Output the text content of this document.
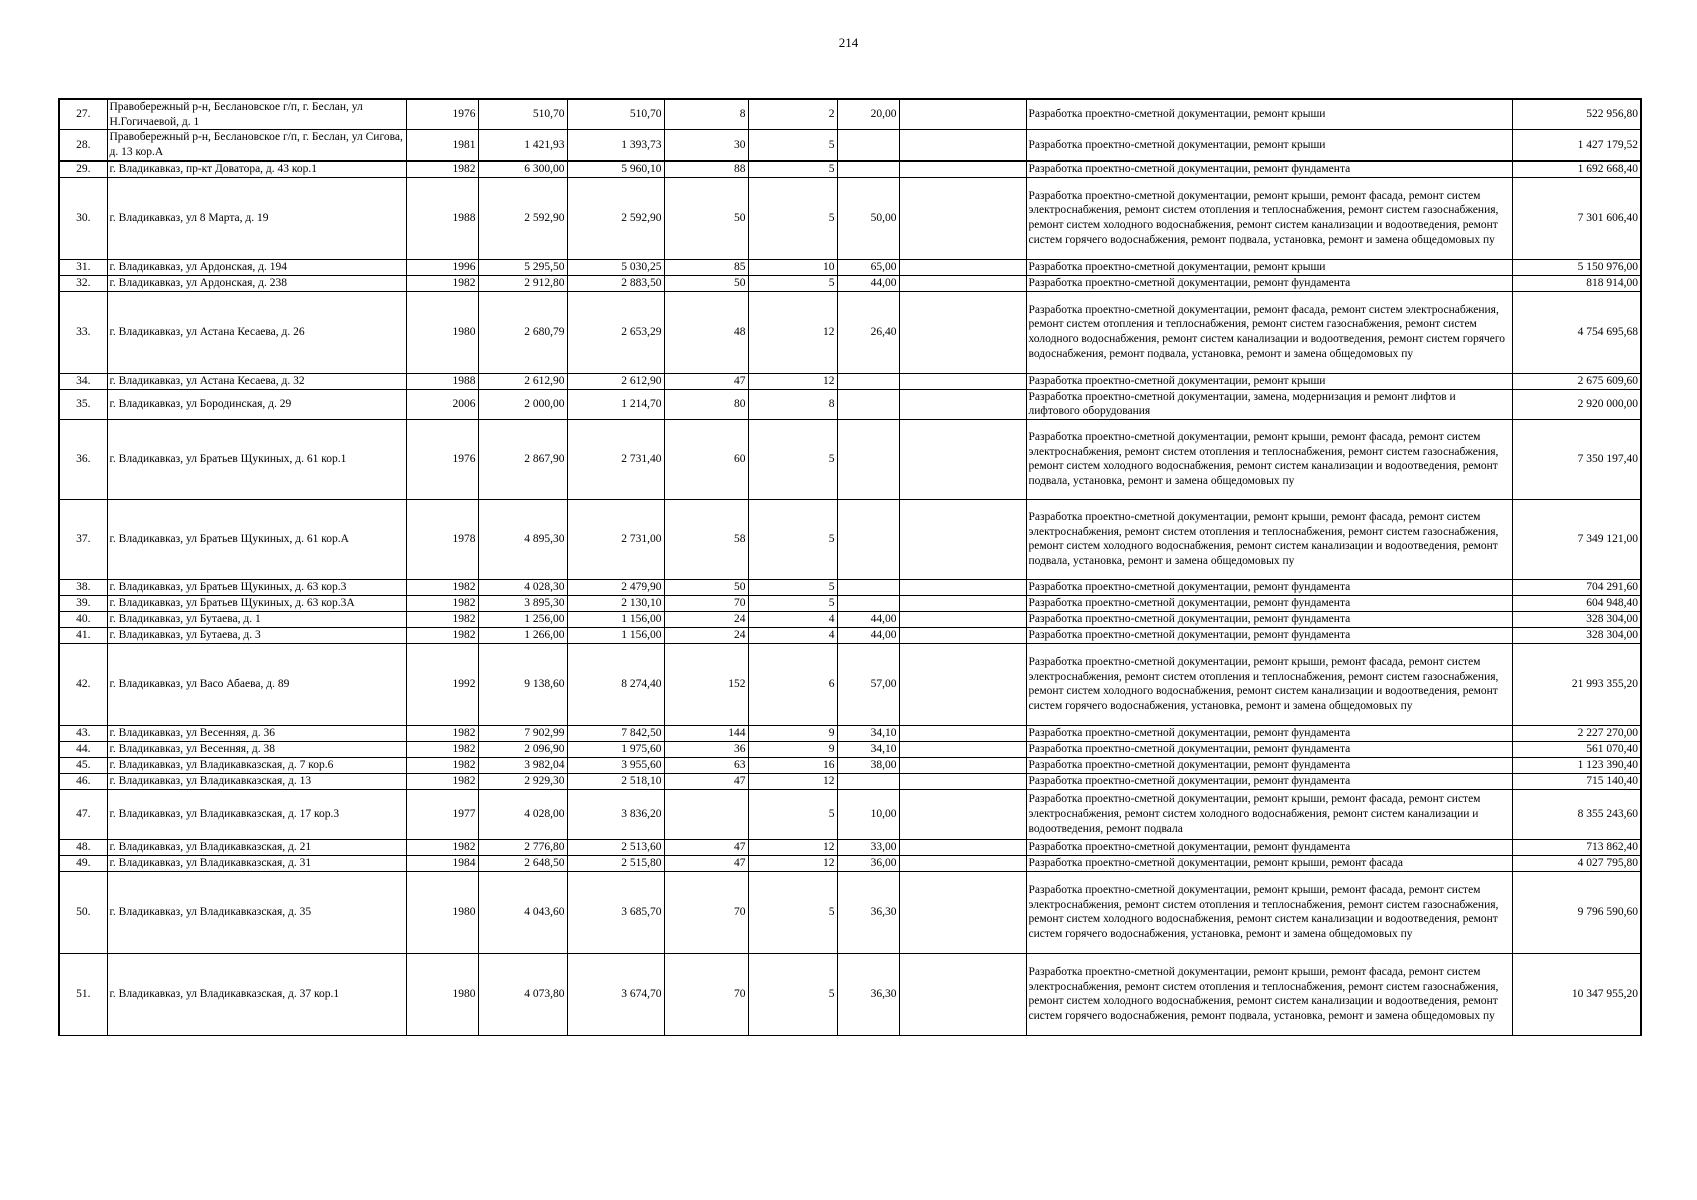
214
27.	Правобережный р-н, Беслановское г/п, г. Беслан, ул Н.Гогичаевой, д. 1	1976	510,70	510,70	8	2	20,00		Разработка проектно-сметной документации, ремонт крыши	522 956,80
28.	Правобережный р-н, Беслановское г/п, г. Беслан, ул Сигова, д. 13 кор.А	1981	1 421,93	1 393,73	30	5			Разработка проектно-сметной документации, ремонт крыши	1 427 179,52
29.	г. Владикавказ, пр-кт Доватора, д. 43 кор.1	1982	6 300,00	5 960,10	88	5			Разработка проектно-сметной документации, ремонт фундамента	1 692 668,40
30.	г. Владикавказ, ул 8 Марта, д. 19	1988	2 592,90	2 592,90	50	5	50,00		Разработка проектно-сметной документации, ремонт крыши, ремонт фасада, ремонт систем электроснабжения, ремонт систем отопления и теплоснабжения, ремонт систем газоснабжения, ремонт систем холодного водоснабжения, ремонт систем канализации и водоотведения, ремонт систем горячего водоснабжения, ремонт подвала, установка, ремонт и замена общедомовых пу	7 301 606,40
31.	г. Владикавказ, ул Ардонская, д. 194	1996	5 295,50	5 030,25	85	10	65,00		Разработка проектно-сметной документации, ремонт крыши	5 150 976,00
32.	г. Владикавказ, ул Ардонская, д. 238	1982	2 912,80	2 883,50	50	5	44,00		Разработка проектно-сметной документации, ремонт фундамента	818 914,00
33.	г. Владикавказ, ул Астана Кесаева, д. 26	1980	2 680,79	2 653,29	48	12	26,40		Разработка проектно-сметной документации, ремонт фасада, ремонт систем электроснабжения, ремонт систем отопления и теплоснабжения, ремонт систем газоснабжения, ремонт систем холодного водоснабжения, ремонт систем канализации и водоотведения, ремонт систем горячего водоснабжения, ремонт подвала, установка, ремонт и замена общедомовых пу	4 754 695,68
34.	г. Владикавказ, ул Астана Кесаева, д. 32	1988	2 612,90	2 612,90	47	12			Разработка проектно-сметной документации, ремонт крыши	2 675 609,60
35.	г. Владикавказ, ул Бородинская, д. 29	2006	2 000,00	1 214,70	80	8			Разработка проектно-сметной документации, замена, модернизация и ремонт лифтов и лифтового оборудования	2 920 000,00
36.	г. Владикавказ, ул Братьев Щукиных, д. 61 кор.1	1976	2 867,90	2 731,40	60	5			Разработка проектно-сметной документации, ремонт крыши, ремонт фасада, ремонт систем электроснабжения, ремонт систем отопления и теплоснабжения, ремонт систем газоснабжения, ремонт систем холодного водоснабжения, ремонт систем канализации и водоотведения, ремонт подвала, установка, ремонт и замена общедомовых пу	7 350 197,40
37.	г. Владикавказ, ул Братьев Щукиных, д. 61 кор.А	1978	4 895,30	2 731,00	58	5			Разработка проектно-сметной документации, ремонт крыши, ремонт фасада, ремонт систем электроснабжения, ремонт систем отопления и теплоснабжения, ремонт систем газоснабжения, ремонт систем холодного водоснабжения, ремонт систем канализации и водоотведения, ремонт подвала, установка, ремонт и замена общедомовых пу	7 349 121,00
38.	г. Владикавказ, ул Братьев Щукиных, д. 63 кор.3	1982	4 028,30	2 479,90	50	5			Разработка проектно-сметной документации, ремонт фундамента	704 291,60
39.	г. Владикавказ, ул Братьев Щукиных, д. 63 кор.3А	1982	3 895,30	2 130,10	70	5			Разработка проектно-сметной документации, ремонт фундамента	604 948,40
40.	г. Владикавказ, ул Бутаева, д. 1	1982	1 256,00	1 156,00	24	4	44,00		Разработка проектно-сметной документации, ремонт фундамента	328 304,00
41.	г. Владикавказ, ул Бутаева, д. 3	1982	1 266,00	1 156,00	24	4	44,00		Разработка проектно-сметной документации, ремонт фундамента	328 304,00
42.	г. Владикавказ, ул Васо Абаева, д. 89	1992	9 138,60	8 274,40	152	6	57,00		Разработка проектно-сметной документации, ремонт крыши, ремонт фасада, ремонт систем электроснабжения, ремонт систем отопления и теплоснабжения, ремонт систем газоснабжения, ремонт систем холодного водоснабжения, ремонт систем канализации и водоотведения, ремонт систем горячего водоснабжения, установка, ремонт и замена общедомовых пу	21 993 355,20
43.	г. Владикавказ, ул Весенняя, д. 36	1982	7 902,99	7 842,50	144	9	34,10		Разработка проектно-сметной документации, ремонт фундамента	2 227 270,00
44.	г. Владикавказ, ул Весенняя, д. 38	1982	2 096,90	1 975,60	36	9	34,10		Разработка проектно-сметной документации, ремонт фундамента	561 070,40
45.	г. Владикавказ, ул Владикавказская, д. 7 кор.6	1982	3 982,04	3 955,60	63	16	38,00		Разработка проектно-сметной документации, ремонт фундамента	1 123 390,40
46.	г. Владикавказ, ул Владикавказская, д. 13	1982	2 929,30	2 518,10	47	12			Разработка проектно-сметной документации, ремонт фундамента	715 140,40
47.	г. Владикавказ, ул Владикавказская, д. 17 кор.3	1977	4 028,00	3 836,20		5	10,00		Разработка проектно-сметной документации, ремонт крыши, ремонт фасада, ремонт систем электроснабжения, ремонт систем холодного водоснабжения, ремонт систем канализации и водоотведения, ремонт подвала	8 355 243,60
48.	г. Владикавказ, ул Владикавказская, д. 21	1982	2 776,80	2 513,60	47	12	33,00		Разработка проектно-сметной документации, ремонт фундамента	713 862,40
49.	г. Владикавказ, ул Владикавказская, д. 31	1984	2 648,50	2 515,80	47	12	36,00		Разработка проектно-сметной документации, ремонт крыши, ремонт фасада	4 027 795,80
50.	г. Владикавказ, ул Владикавказская, д. 35	1980	4 043,60	3 685,70	70	5	36,30		Разработка проектно-сметной документации, ремонт крыши, ремонт фасада, ремонт систем электроснабжения, ремонт систем отопления и теплоснабжения, ремонт систем газоснабжения, ремонт систем холодного водоснабжения, ремонт систем канализации и водоотведения, ремонт систем горячего водоснабжения, установка, ремонт и замена общедомовых пу	9 796 590,60
51.	г. Владикавказ, ул Владикавказская, д. 37 кор.1	1980	4 073,80	3 674,70	70	5	36,30		Разработка проектно-сметной документации, ремонт крыши, ремонт фасада, ремонт систем электроснабжения, ремонт систем отопления и теплоснабжения, ремонт систем газоснабжения, ремонт систем холодного водоснабжения, ремонт систем канализации и водоотведения, ремонт систем горячего водоснабжения, ремонт подвала, установка, ремонт и замена общедомовых пу	10 347 955,20
